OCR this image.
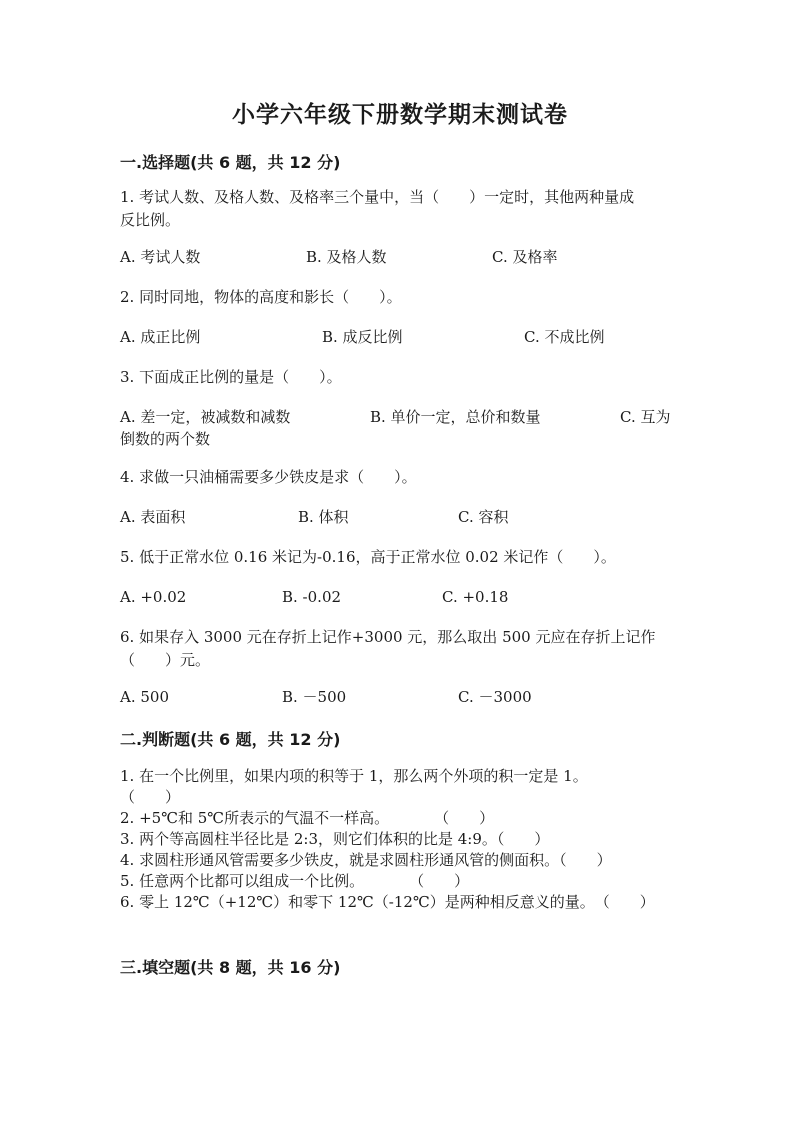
小学六年级下册数学期末测试卷
一.选择题(共 6 题，共 12 分)
1. 考试人数、及格人数、及格率三个量中，当（　　）一定时，其他两种量成
反比例。
A. 考试人数	B. 及格人数	C. 及格率
2. 同时同地，物体的高度和影长（　　）。
A. 成正比例	B. 成反比例	C. 不成比例
3. 下面成正比例的量是（　　）。
A. 差一定，被减数和减数	B. 单价一定，总价和数量	C. 互为
倒数的两个数
4. 求做一只油桶需要多少铁皮是求（　　）。
A. 表面积	B. 体积	C. 容积
5. 低于正常水位 0.16 米记为-0.16，高于正常水位 0.02 米记作（　　）。
A. +0.02	B. -0.02	C. +0.18
6. 如果存入 3000 元在存折上记作+3000 元，那么取出 500 元应在存折上记作
（　　）元。
A. 500	B. －500	C. －3000
二.判断题(共 6 题，共 12 分)
1. 在一个比例里，如果内项的积等于 1，那么两个外项的积一定是 1。
（　　）
2. +5℃和 5℃所表示的气温不一样高。　　　　（　　）
3. 两个等高圆柱半径比是 2:3，则它们体积的比是 4:9。（　　）
4. 求圆柱形通风管需要多少铁皮，就是求圆柱形通风管的侧面积。（　　）
5. 任意两个比都可以组成一个比例。　　　　（　　）
6. 零上 12℃（+12℃）和零下 12℃（-12℃）是两种相反意义的量。　（　　）
三.填空题(共 8 题，共 16 分)
